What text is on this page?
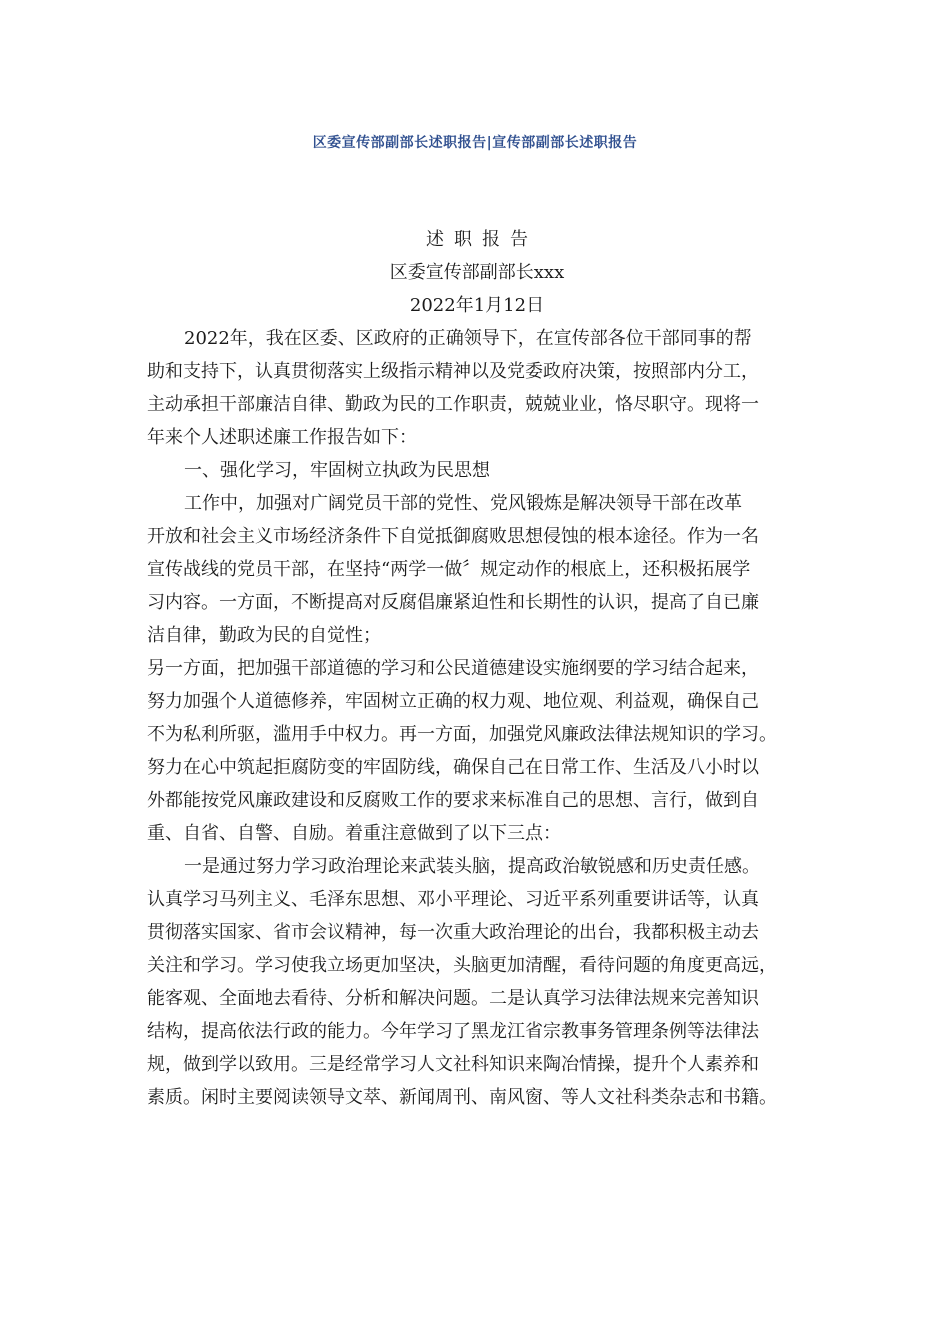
区委宣传部副部长述职报告|宣传部副部长述职报告
述职报告
区委宣传部副部长xxx
2022年1月12日
2022年，我在区委、区政府的正确领导下，在宣传部各位干部同事的帮
助和支持下，认真贯彻落实上级指示精神以及党委政府决策，按照部内分工，
主动承担干部廉洁自律、勤政为民的工作职责，兢兢业业，恪尽职守。现将一
年来个人述职述廉工作报告如下：
一、强化学习，牢固树立执政为民思想
工作中，加强对广阔党员干部的党性、党风锻炼是解决领导干部在改革
开放和社会主义市场经济条件下自觉抵御腐败思想侵蚀的根本途径。作为一名
宣传战线的党员干部，在坚持“两学一做〞规定动作的根底上，还积极拓展学
习内容。一方面，不断提高对反腐倡廉紧迫性和长期性的认识，提高了自已廉
洁自律，勤政为民的自觉性；
另一方面，把加强干部道德的学习和公民道德建设实施纲要的学习结合起来，
努力加强个人道德修养，牢固树立正确的权力观、地位观、利益观，确保自己
不为私利所驱，滥用手中权力。再一方面，加强党风廉政法律法规知识的学习。
努力在心中筑起拒腐防变的牢固防线，确保自己在日常工作、生活及八小时以
外都能按党风廉政建设和反腐败工作的要求来标准自己的思想、言行，做到自
重、自省、自警、自励。着重注意做到了以下三点：
一是通过努力学习政治理论来武装头脑，提高政治敏锐感和历史责任感。
认真学习马列主义、毛泽东思想、邓小平理论、习近平系列重要讲话等，认真
贯彻落实国家、省市会议精神，每一次重大政治理论的出台，我都积极主动去
关注和学习。学习使我立场更加坚决，头脑更加清醒，看待问题的角度更高远，
能客观、全面地去看待、分析和解决问题。二是认真学习法律法规来完善知识
结构，提高依法行政的能力。今年学习了黑龙江省宗教事务管理条例等法律法
规，做到学以致用。三是经常学习人文社科知识来陶冶情操，提升个人素养和
素质。闲时主要阅读领导文萃、新闻周刊、南风窗、等人文社科类杂志和书籍。
